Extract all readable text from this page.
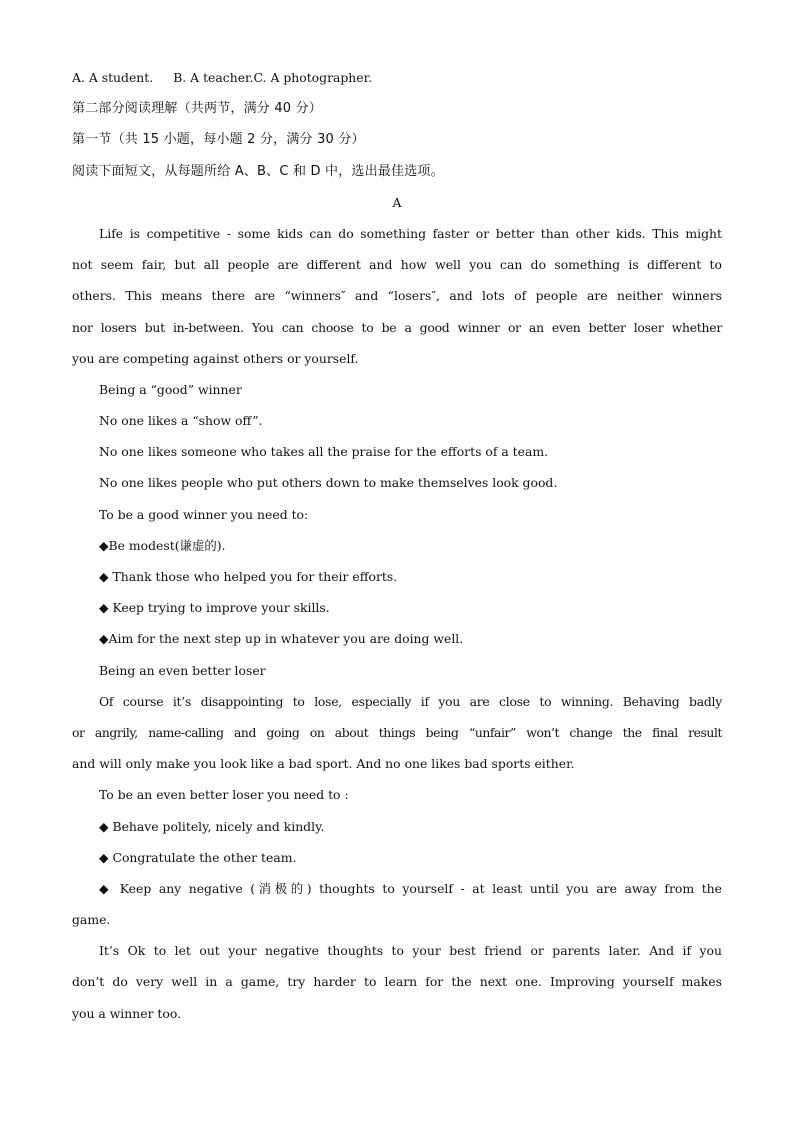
A. A student. B. A teacher.C. A photographer.
第二部分阅读理解（共两节，满分 40 分）
第一节（共 15 小题，每小题 2 分，满分 30 分）
阅读下面短文，从每题所给 A、B、C 和 D 中，选出最佳选项。
A
Life is competitive - some kids can do something faster or better than other kids. This might
not seem fair, but all people are different and how well you can do something is different to
others. This means there are “winners″ and “losers″, and lots of people are neither winners
nor losers but in-between. You can choose to be a good winner or an even better loser whether
you are competing against others or yourself.
Being a “good” winner
No one likes a “show off”.
No one likes someone who takes all the praise for the efforts of a team.
No one likes people who put others down to make themselves look good.
To be a good winner you need to:
◆Be modest(谦虚的).
◆ Thank those who helped you for their efforts.
◆ Keep trying to improve your skills.
◆Aim for the next step up in whatever you are doing well.
Being an even better loser
Of course it’s disappointing to lose, especially if you are close to winning. Behaving badly
or angrily, name-calling and going on about things being “unfair” won’t change the final result
and will only make you look like a bad sport. And no one likes bad sports either.
To be an even better loser you need to :
◆ Behave politely, nicely and kindly.
◆ Congratulate the other team.
◆ Keep any negative (消极的) thoughts to yourself - at least until you are away from the
game.
It’s Ok to let out your negative thoughts to your best friend or parents later. And if you
don’t do very well in a game, try harder to learn for the next one. Improving yourself makes
you a winner too.
